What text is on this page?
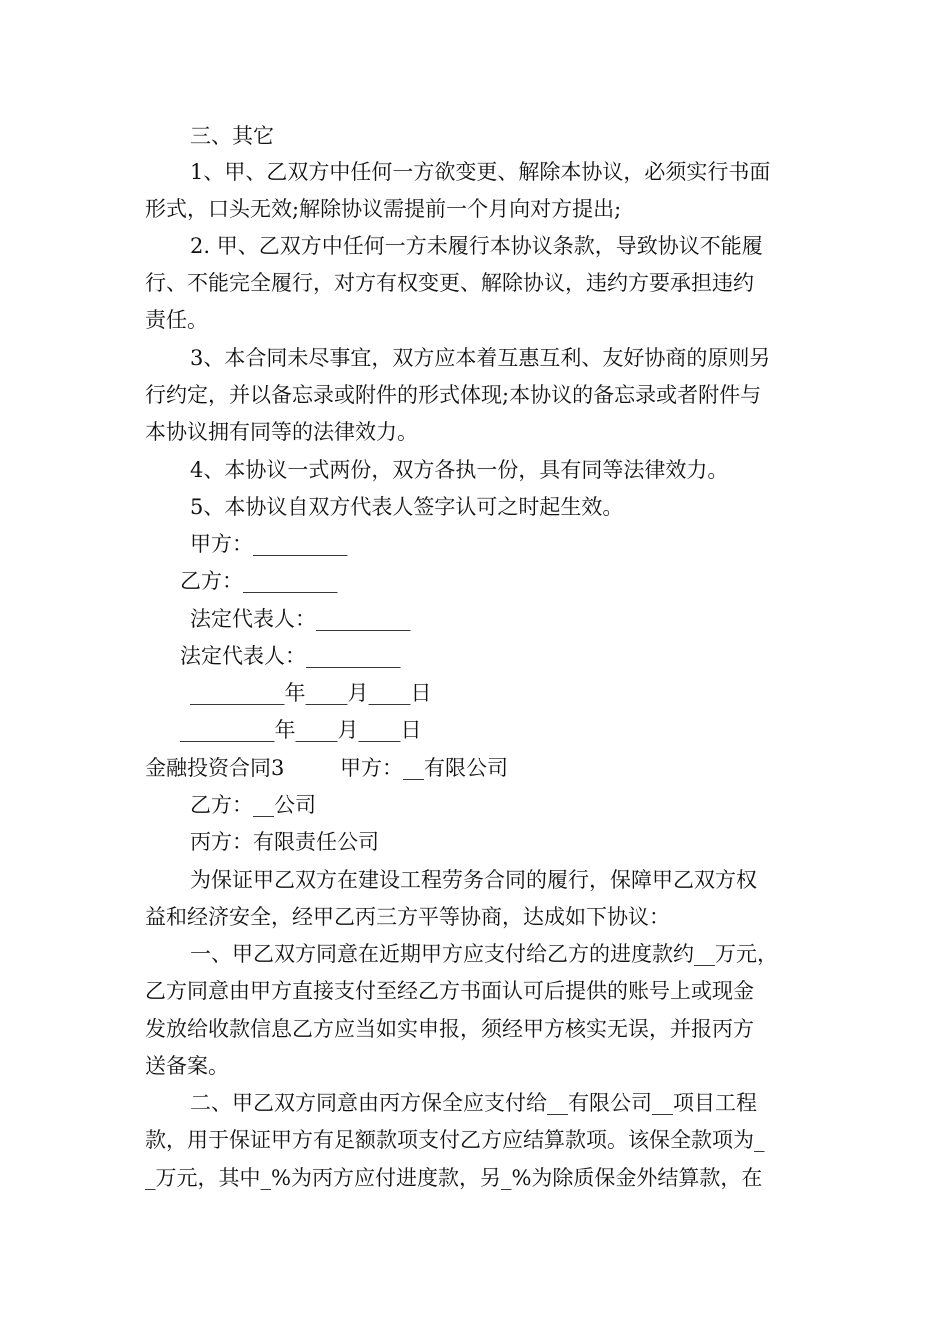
三、其它
1、甲、乙双方中任何一方欲变更、解除本协议，必须实行书面
形式，口头无效;解除协议需提前一个月向对方提出;
2. 甲、乙双方中任何一方未履行本协议条款，导致协议不能履
行、不能完全履行，对方有权变更、解除协议，违约方要承担违约
责任。
3、本合同未尽事宜，双方应本着互惠互利、友好协商的原则另
行约定，并以备忘录或附件的形式体现;本协议的备忘录或者附件与
本协议拥有同等的法律效力。
4、本协议一式两份，双方各执一份，具有同等法律效力。
5、本协议自双方代表人签字认可之时起生效。
甲方：_________
乙方：_________
法定代表人：_________
法定代表人：_________
_________年____月____日
_________年____月____日
金融投资合同3	甲方：__有限公司
乙方：__公司
丙方：有限责任公司
为保证甲乙双方在建设工程劳务合同的履行，保障甲乙双方权
益和经济安全，经甲乙丙三方平等协商，达成如下协议：
一、甲乙双方同意在近期甲方应支付给乙方的进度款约__万元，
乙方同意由甲方直接支付至经乙方书面认可后提供的账号上或现金
发放给收款信息乙方应当如实申报，须经甲方核实无误，并报丙方
送备案。
二、甲乙双方同意由丙方保全应支付给__有限公司__项目工程
款，用于保证甲方有足额款项支付乙方应结算款项。该保全款项为_
_万元，其中_%为丙方应付进度款，另_%为除质保金外结算款，在
